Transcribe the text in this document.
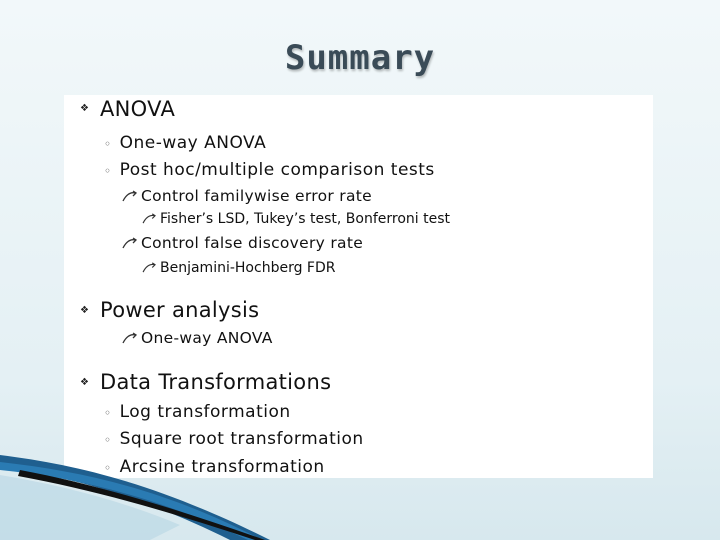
Summary
❖ ANOVA
◦ One-way ANOVA
◦ Post hoc/multiple comparison tests
Control familywise error rate
Fisher’s LSD, Tukey’s test, Bonferroni test
Control false discovery rate
Benjamini-Hochberg FDR
❖ Power analysis
One-way ANOVA
❖ Data Transformations
◦ Log transformation
◦ Square root transformation
◦ Arcsine transformation
